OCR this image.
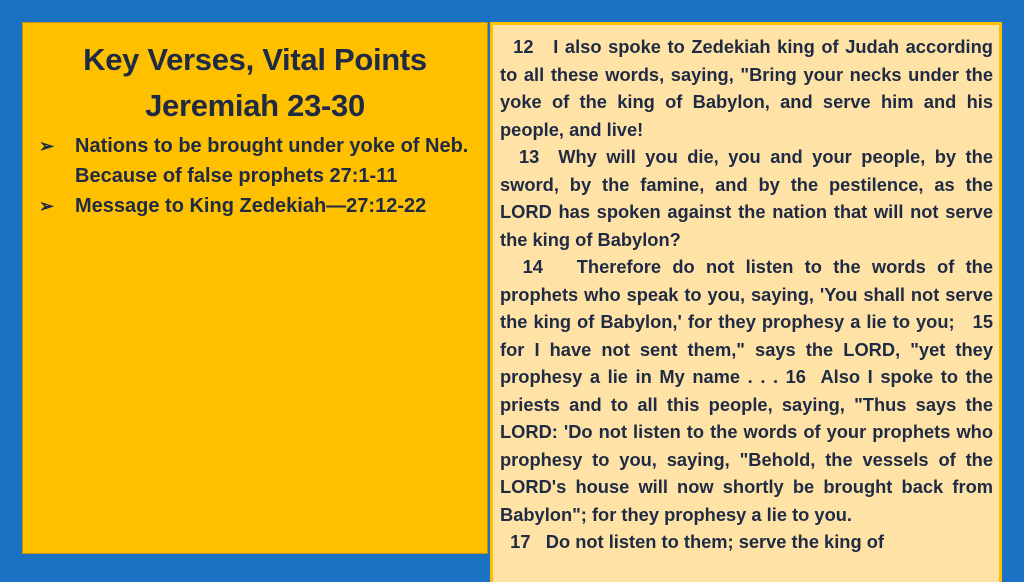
Key Verses, Vital Points
Jeremiah 23-30
➢ Nations to be brought under yoke of Neb. Because of false prophets 27:1-11
➢ Message to King Zedekiah—27:12-22
12   I also spoke to Zedekiah king of Judah according to all these words, saying, "Bring your necks under the yoke of the king of Babylon, and serve him and his people, and live!
13  Why will you die, you and your people, by the sword, by the famine, and by the pestilence, as the LORD has spoken against the nation that will not serve the king of Babylon?
14   Therefore do not listen to the words of the prophets who speak to you, saying, 'You shall not serve the king of Babylon,' for they prophesy a lie to you;   15   for I have not sent them," says the LORD, "yet they prophesy a lie in My name . . . 16  Also I spoke to the priests and to all this people, saying, "Thus says the LORD: 'Do not listen to the words of your prophets who prophesy to you, saying, "Behold, the vessels of the LORD's house will now shortly be brought back from Babylon"; for they prophesy a lie to you.
17   Do not listen to them; serve the king of
